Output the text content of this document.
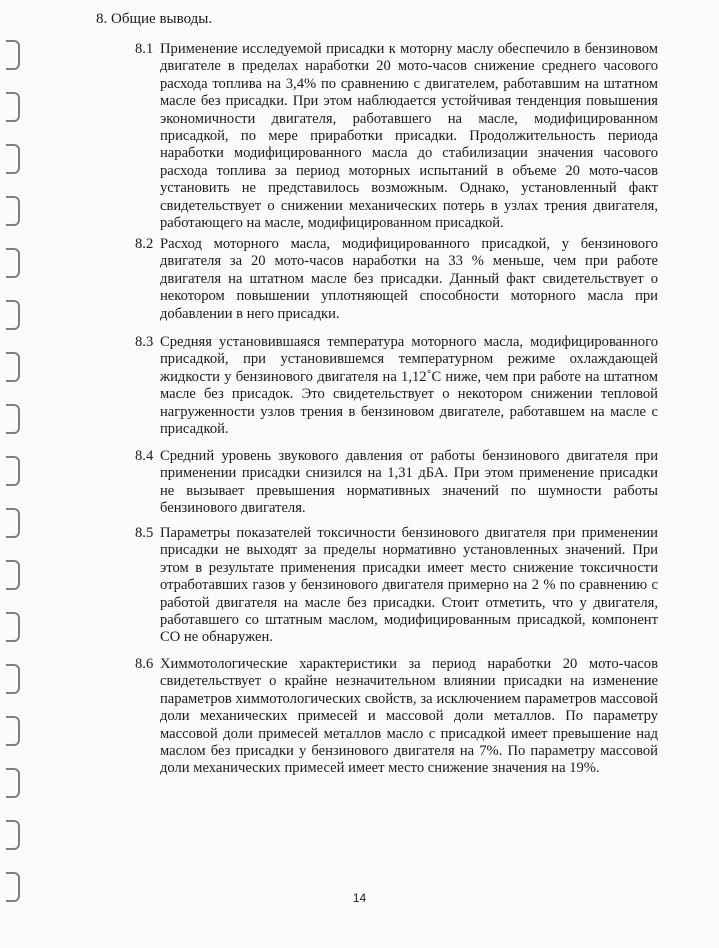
8. Общие выводы.
8.1 Применение исследуемой присадки к моторну маслу обеспечило в бензиновом двигателе в пределах наработки 20 мото-часов снижение среднего часового расхода топлива на 3,4% по сравнению с двигателем, работавшим на штатном масле без присадки. При этом наблюдается устойчивая тенденция повышения экономичности двигателя, работавшего на масле, модифицированном присадкой, по мере приработки присадки. Продолжительность периода наработки модифицированного масла до стабилизации значения часового расхода топлива за период моторных испытаний в объеме 20 мото-часов установить не представилось возможным. Однако, установленный факт свидетельствует о снижении механических потерь в узлах трения двигателя, работающего на масле, модифицированном присадкой.
8.2 Расход моторного масла, модифицированного присадкой, у бензинового двигателя за 20 мото-часов наработки на 33 % меньше, чем при работе двигателя на штатном масле без присадки. Данный факт свидетельствует о некотором повышении уплотняющей способности моторного масла при добавлении в него присадки.
8.3 Средняя установившаяся температура моторного масла, модифицированного присадкой, при установившемся температурном режиме охлаждающей жидкости у бензинового двигателя на 1,12˚С ниже, чем при работе на штатном масле без присадок. Это свидетельствует о некотором снижении тепловой нагруженности узлов трения в бензиновом двигателе, работавшем на масле с присадкой.
8.4 Средний уровень звукового давления от работы бензинового двигателя при применении присадки снизился на 1,31 дБА. При этом применение присадки не вызывает превышения нормативных значений по шумности работы бензинового двигателя.
8.5 Параметры показателей токсичности бензинового двигателя при применении присадки не выходят за пределы нормативно установленных значений. При этом в результате применения присадки имеет место снижение токсичности отработавших газов у бензинового двигателя примерно на 2 % по сравнению с работой двигателя на масле без присадки. Стоит отметить, что у двигателя, работавшего со штатным маслом, модифицированным присадкой, компонент СО не обнаружен.
8.6 Химмотологические характеристики за период наработки 20 мото-часов свидетельствует о крайне незначительном влиянии присадки на изменение параметров химмотологических свойств, за исключением параметров массовой доли механических примесей и массовой доли металлов. По параметру массовой доли примесей металлов масло с присадкой имеет превышение над маслом без присадки у бензинового двигателя на 7%. По параметру массовой доли механических примесей имеет место снижение значения на 19%.
14
